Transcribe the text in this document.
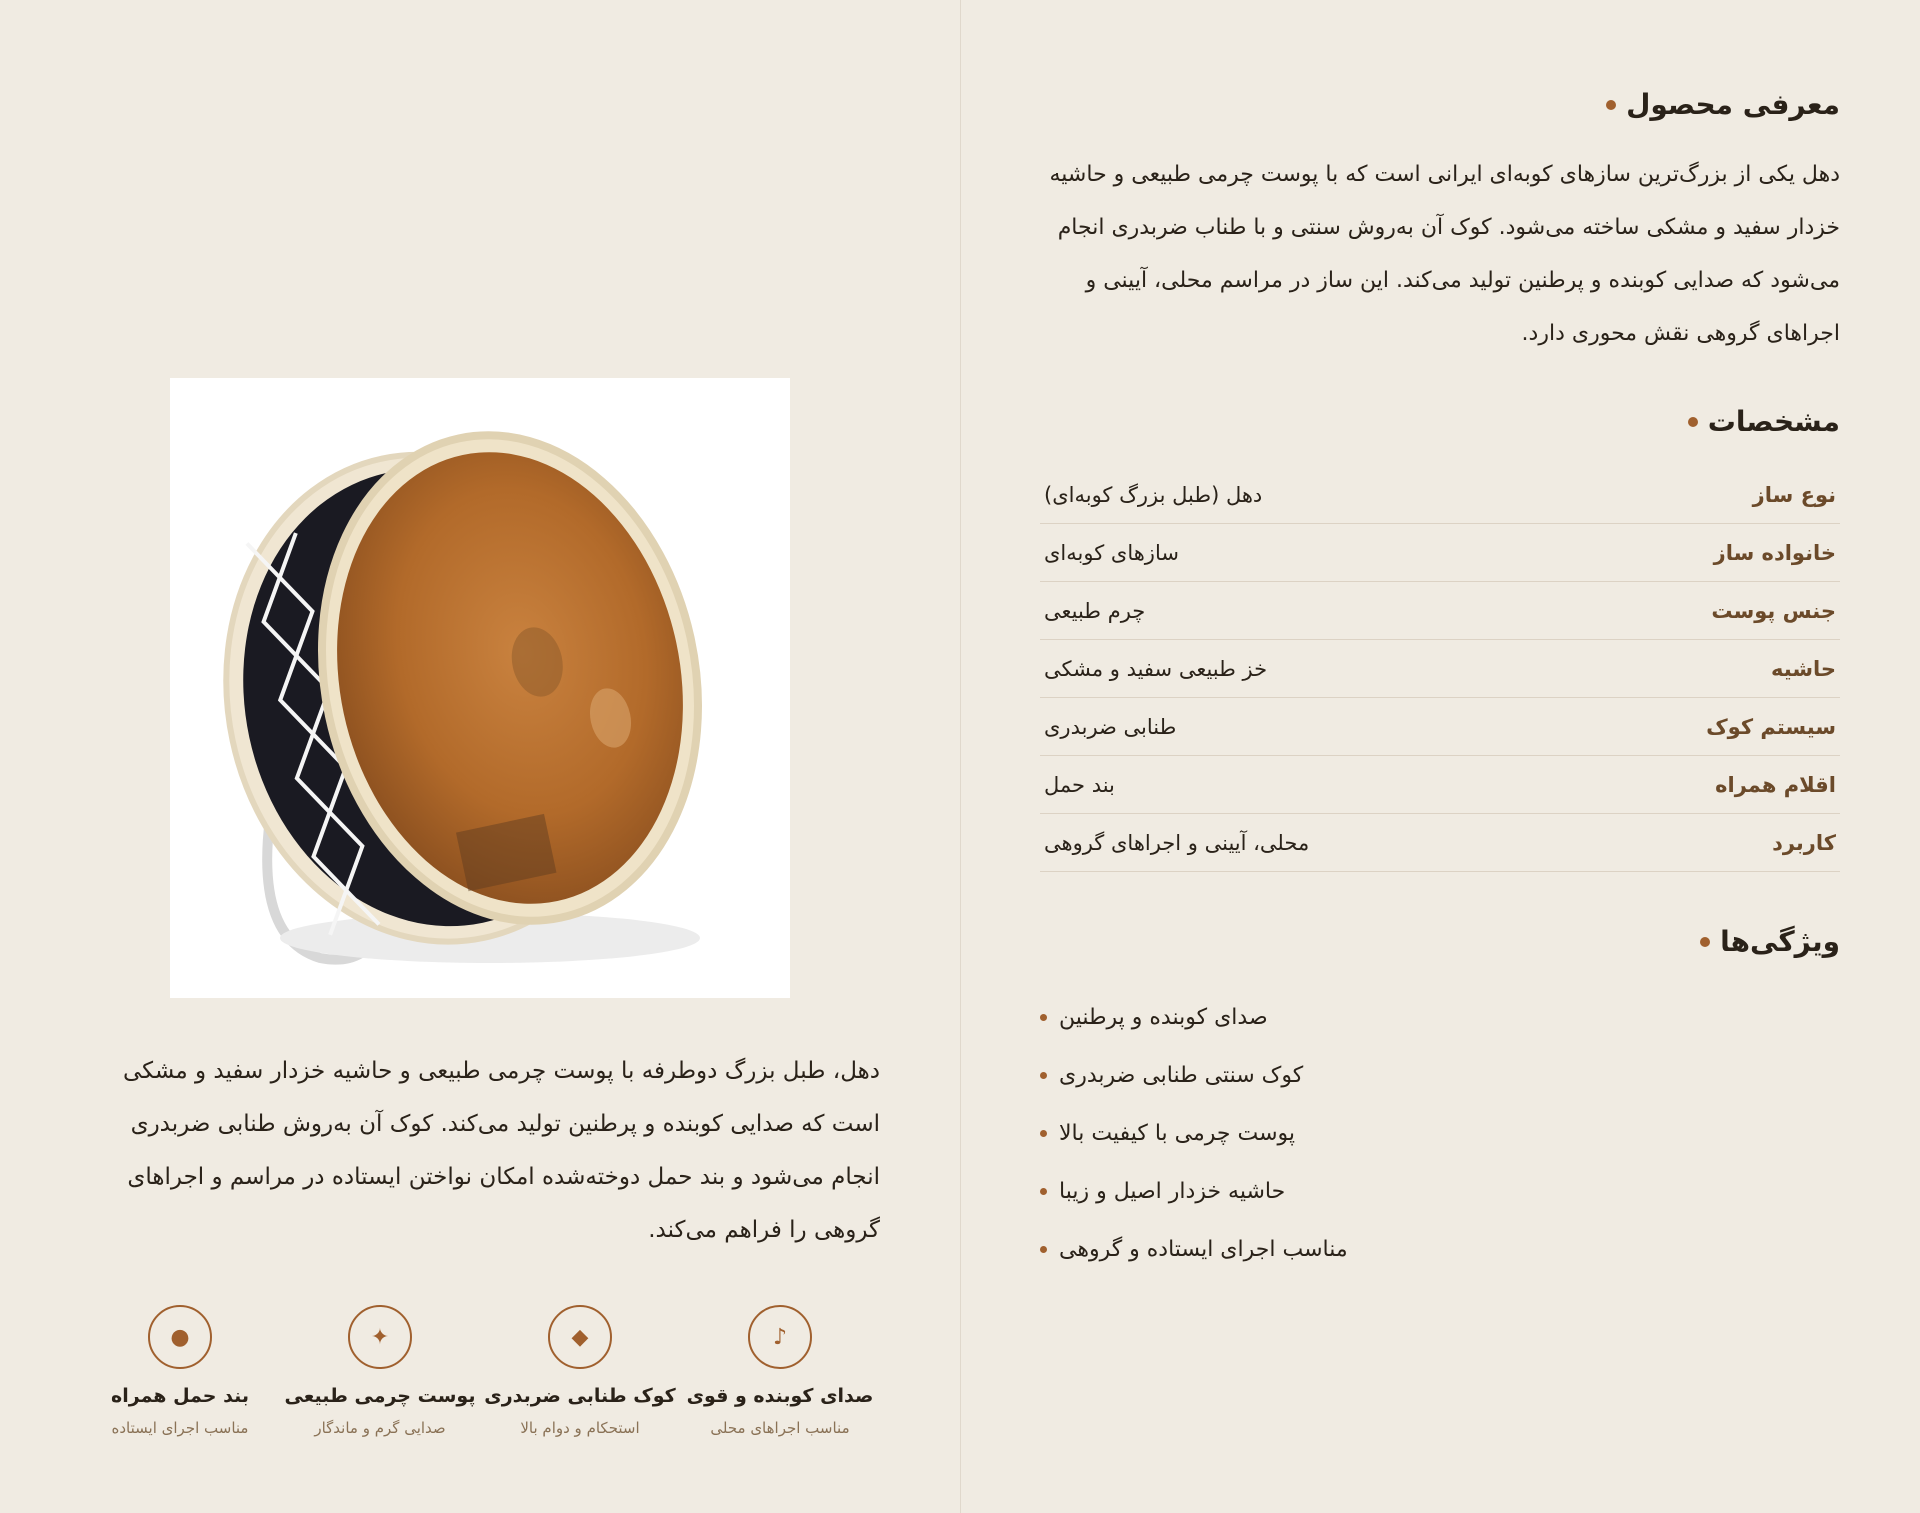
دهل، طبل بزرگ دوطرفه با پوست چرمی طبیعی و حاشیه خزدار سفید و مشکی است که صدایی کوبنده و پرطنین تولید می‌کند. کوک آن به‌روش طنابی ضربدری انجام می‌شود و بند حمل دوخته‌شده امکان نواختن ایستاده در مراسم و اجراهای گروهی را فراهم می‌کند.

♪
صدای کوبنده و قوی
مناسب اجراهای محلی
◆
کوک طنابی ضربدری
استحکام و دوام بالا
✦
پوست چرمی طبیعی
صدایی گرم و ماندگار
●
بند حمل همراه
مناسب اجرای ایستاده
معرفی محصول

دهل یکی از بزرگ‌ترین سازهای کوبه‌ای ایرانی است که با پوست چرمی طبیعی و حاشیه خزدار سفید و مشکی ساخته می‌شود. کوک آن به‌روش سنتی و با طناب ضربدری انجام می‌شود که صدایی کوبنده و پرطنین تولید می‌کند. این ساز در مراسم محلی، آیینی و اجراهای گروهی نقش محوری دارد.

مشخصات
نوع ساز
دهل (طبل بزرگ کوبه‌ای)
خانواده ساز
سازهای کوبه‌ای
جنس پوست
چرم طبیعی
حاشیه
خز طبیعی سفید و مشکی
سیستم کوک
طنابی ضربدری
اقلام همراه
بند حمل
کاربرد
محلی، آیینی و اجراهای گروهی
ویژگی‌ها
صدای کوبنده و پرطنین
کوک سنتی طنابی ضربدری
پوست چرمی با کیفیت بالا
حاشیه خزدار اصیل و زیبا
مناسب اجرای ایستاده و گروهی
